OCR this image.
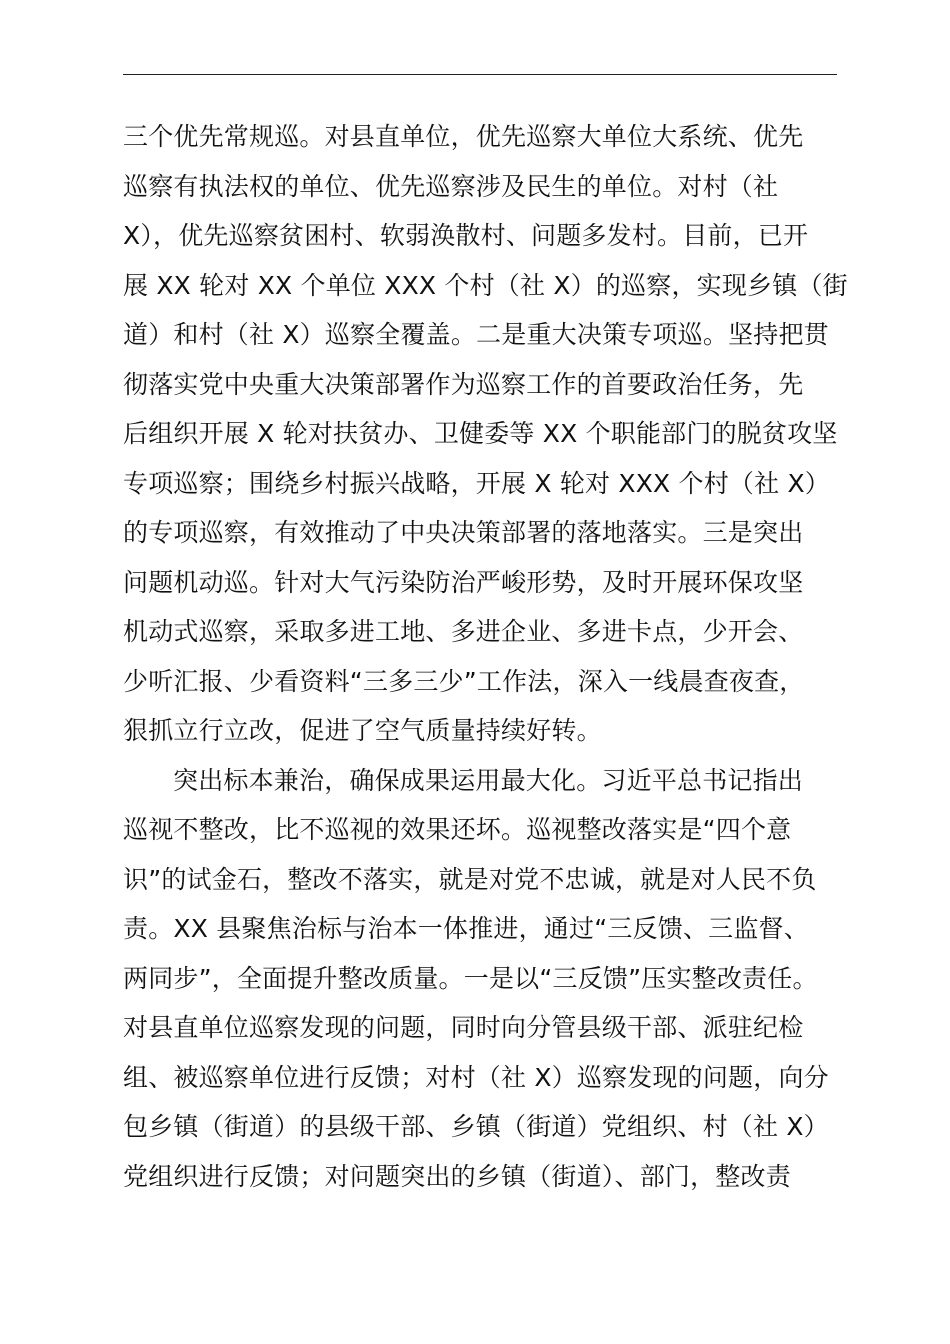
三个优先常规巡。对县直单位，优先巡察大单位大系统、优先
巡察有执法权的单位、优先巡察涉及民生的单位。对村（社
X），优先巡察贫困村、软弱涣散村、问题多发村。目前，已开
展 XX 轮对 XX 个单位 XXX 个村（社 X）的巡察，实现乡镇（街
道）和村（社 X）巡察全覆盖。二是重大决策专项巡。坚持把贯
彻落实党中央重大决策部署作为巡察工作的首要政治任务，先
后组织开展 X 轮对扶贫办、卫健委等 XX 个职能部门的脱贫攻坚
专项巡察；围绕乡村振兴战略，开展 X 轮对 XXX 个村（社 X）
的专项巡察，有效推动了中央决策部署的落地落实。三是突出
问题机动巡。针对大气污染防治严峻形势，及时开展环保攻坚
机动式巡察，采取多进工地、多进企业、多进卡点，少开会、
少听汇报、少看资料“三多三少”工作法，深入一线晨查夜查，
狠抓立行立改，促进了空气质量持续好转。
突出标本兼治，确保成果运用最大化。习近平总书记指出
巡视不整改，比不巡视的效果还坏。巡视整改落实是“四个意
识”的试金石，整改不落实，就是对党不忠诚，就是对人民不负
责。XX 县聚焦治标与治本一体推进，通过“三反馈、三监督、
两同步”，全面提升整改质量。一是以“三反馈”压实整改责任。
对县直单位巡察发现的问题，同时向分管县级干部、派驻纪检
组、被巡察单位进行反馈；对村（社 X）巡察发现的问题，向分
包乡镇（街道）的县级干部、乡镇（街道）党组织、村（社 X）
党组织进行反馈；对问题突出的乡镇（街道）、部门，整改责
